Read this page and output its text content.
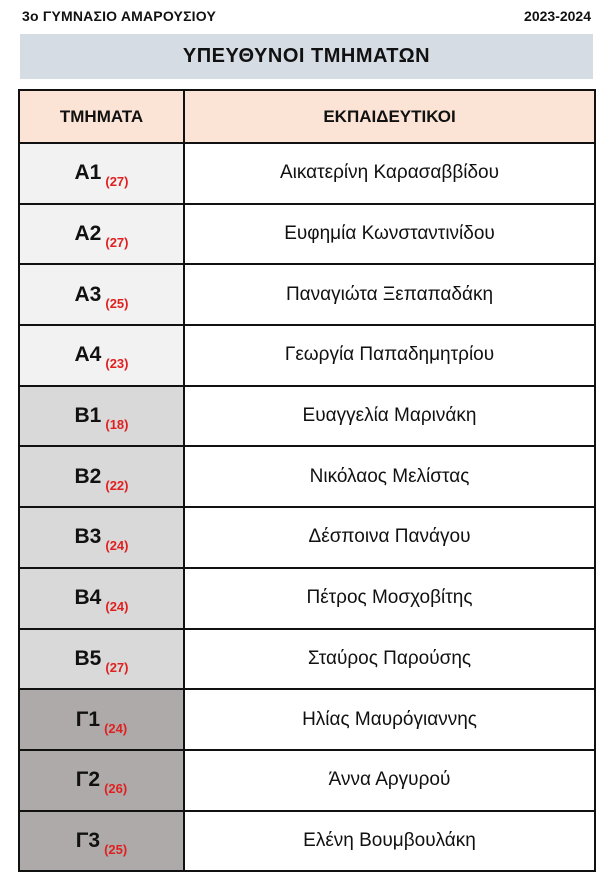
3ο ΓΥΜΝΑΣΙΟ ΑΜΑΡΟΥΣΙΟΥ	2023-2024
ΥΠΕΥΘΥΝΟΙ ΤΜΗΜΑΤΩΝ
ΤΜΗΜΑΤΑ	ΕΚΠΑΙΔΕΥΤΙΚΟΙ
Α1 $_{(27)}$	Αικατερίνη Καρασαββίδου
Α2 $_{(27)}$	Ευφημία Κωνσταντινίδου
Α3 $_{(25)}$	Παναγιώτα Ξεπαπαδάκη
Α4 $_{(23)}$	Γεωργία Παπαδημητρίου
Β1 $_{(18)}$	Ευαγγελία Μαρινάκη
Β2 $_{(22)}$	Νικόλαος Μελίστας
Β3 $_{(24)}$	Δέσποινα Πανάγου
Β4 $_{(24)}$	Πέτρος Μοσχοβίτης
Β5 $_{(27)}$	Σταύρος Παρούσης
Γ1 $_{(24)}$	Ηλίας Μαυρόγιαννης
Γ2 $_{(26)}$	Άννα Αργυρού
Γ3 $_{(25)}$	Ελένη Βουμβουλάκη
